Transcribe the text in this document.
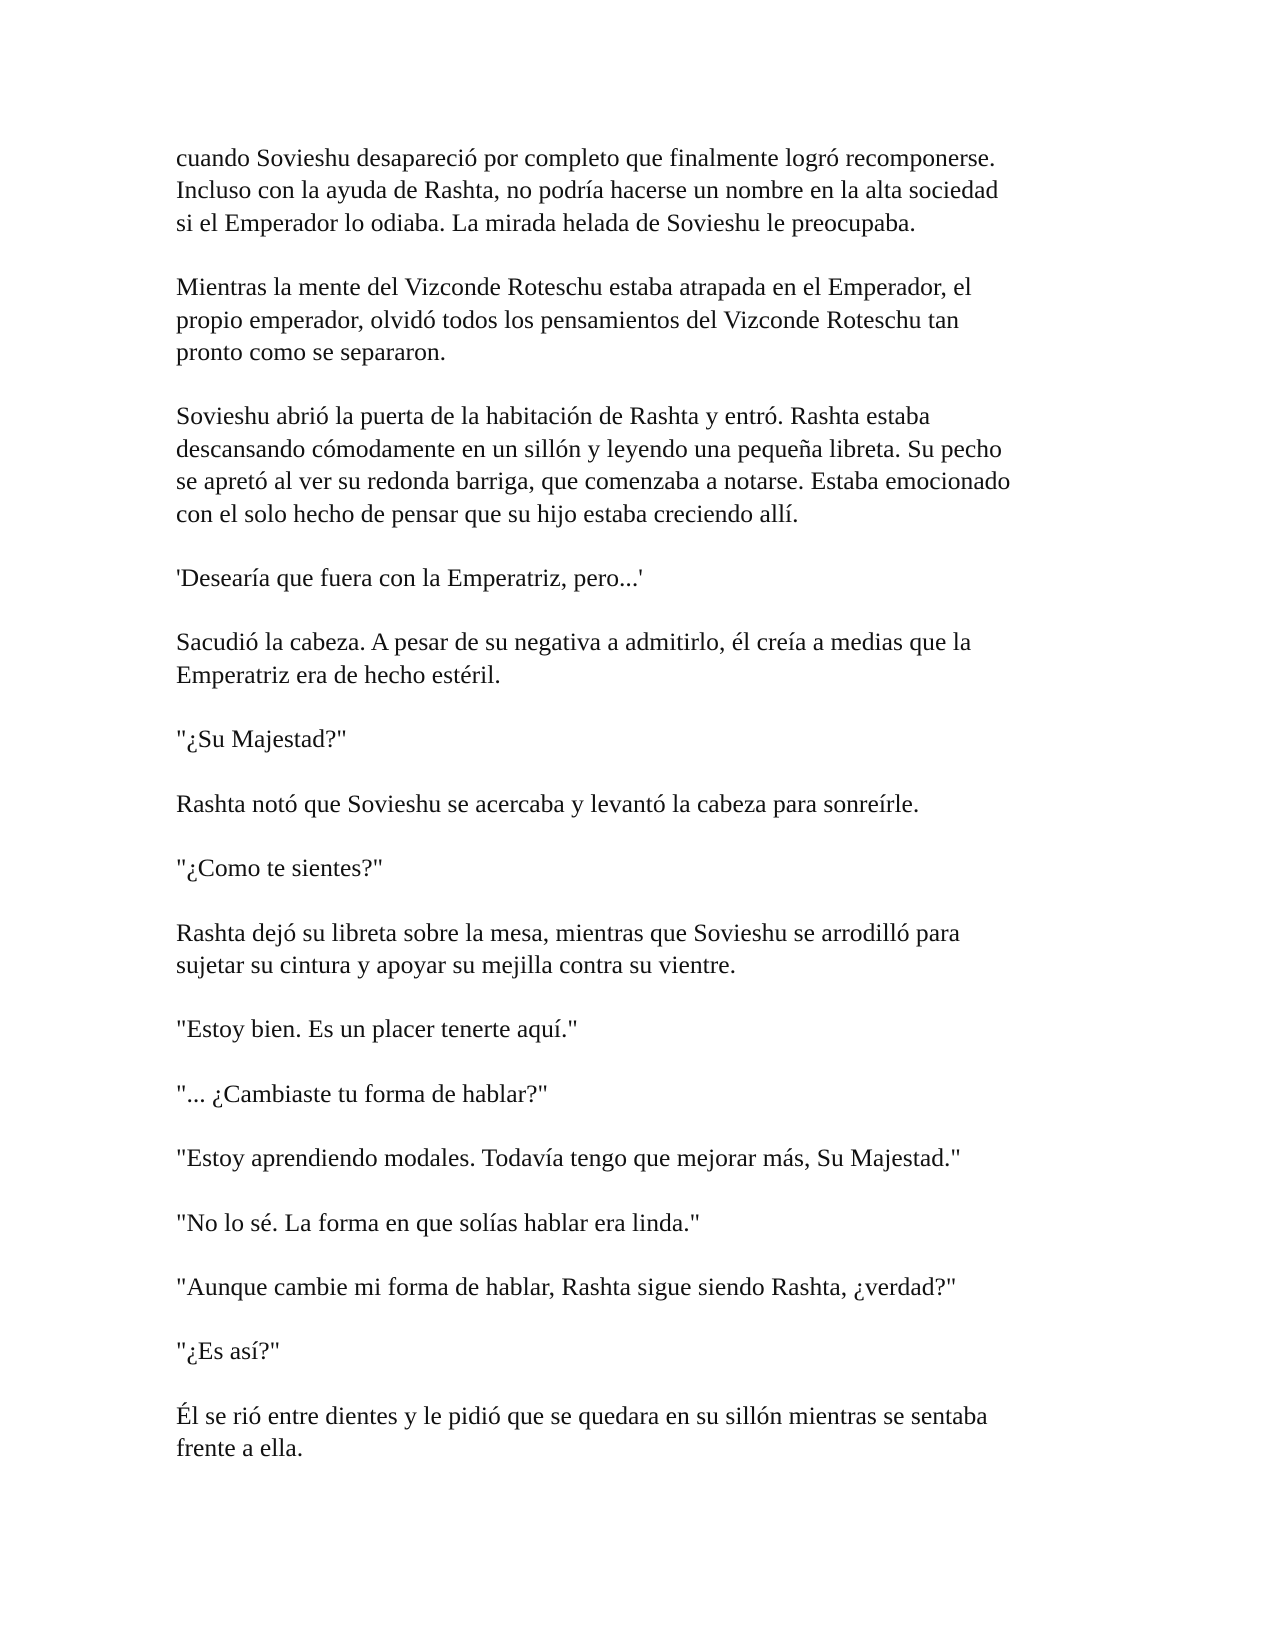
cuando Sovieshu desapareció por completo que finalmente logró recomponerse.
Incluso con la ayuda de Rashta, no podría hacerse un nombre en la alta sociedad
si el Emperador lo odiaba. La mirada helada de Sovieshu le preocupaba.

Mientras la mente del Vizconde Roteschu estaba atrapada en el Emperador, el
propio emperador, olvidó todos los pensamientos del Vizconde Roteschu tan
pronto como se separaron.

Sovieshu abrió la puerta de la habitación de Rashta y entró. Rashta estaba
descansando cómodamente en un sillón y leyendo una pequeña libreta. Su pecho
se apretó al ver su redonda barriga, que comenzaba a notarse. Estaba emocionado
con el solo hecho de pensar que su hijo estaba creciendo allí.

'Desearía que fuera con la Emperatriz, pero...'

Sacudió la cabeza. A pesar de su negativa a admitirlo, él creía a medias que la
Emperatriz era de hecho estéril.

"¿Su Majestad?"

Rashta notó que Sovieshu se acercaba y levantó la cabeza para sonreírle.

"¿Como te sientes?"

Rashta dejó su libreta sobre la mesa, mientras que Sovieshu se arrodilló para
sujetar su cintura y apoyar su mejilla contra su vientre.

"Estoy bien. Es un placer tenerte aquí."

"... ¿Cambiaste tu forma de hablar?"

"Estoy aprendiendo modales. Todavía tengo que mejorar más, Su Majestad."

"No lo sé. La forma en que solías hablar era linda."

"Aunque cambie mi forma de hablar, Rashta sigue siendo Rashta, ¿verdad?"

"¿Es así?"

Él se rió entre dientes y le pidió que se quedara en su sillón mientras se sentaba
frente a ella.
